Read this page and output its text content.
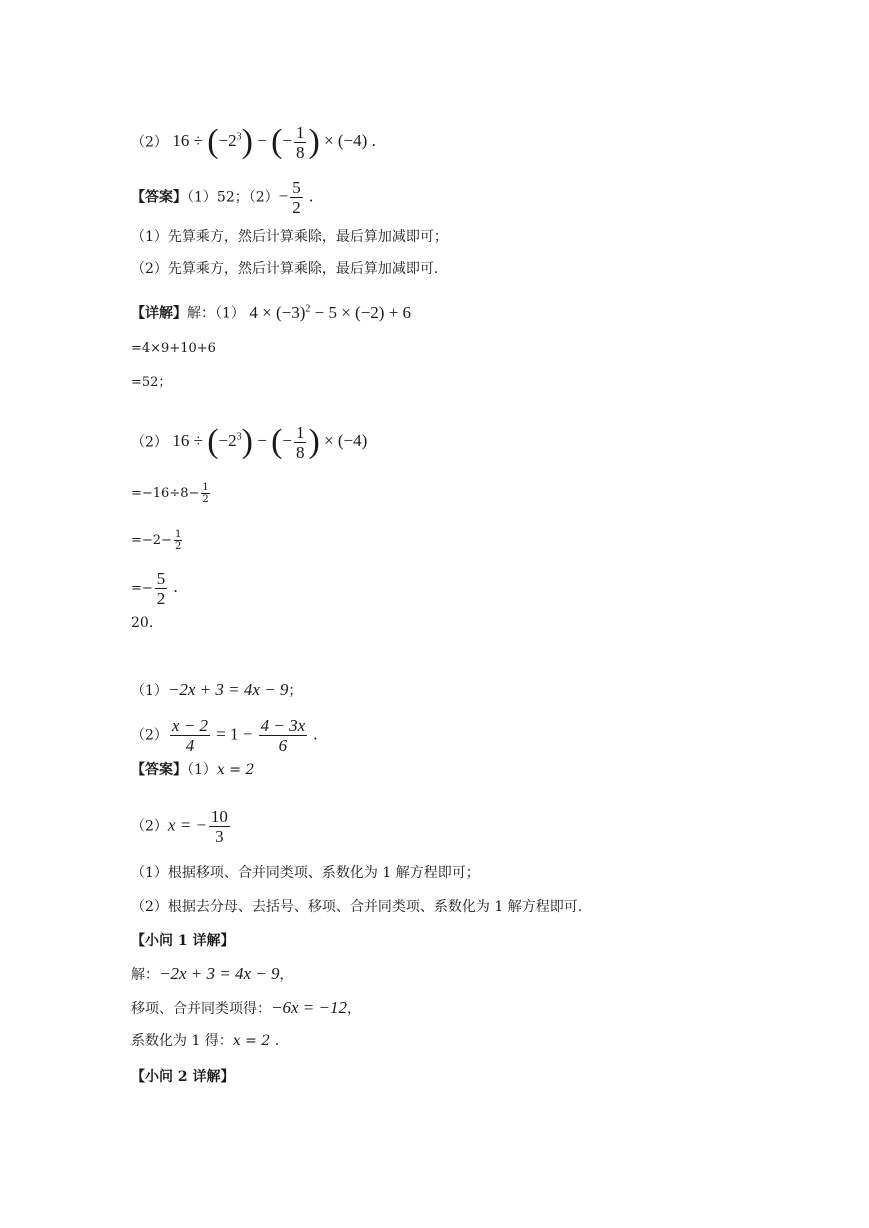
（2） $16 \div (-2^3)$ − (− $\frac{1}{8}$ ) × (−4) .
【答案】（1）52；$(2)- \frac{5}{2}$ .
（1）先算乘方，然后计算乘除，最后算加减即可；
（2）先算乘方，然后计算乘除，最后算加减即可.
【详解】解：（1） $4 \times (-3)^2 - 5 \times (-2) + 6$
=4×9+10+6
=52；
（2） $16 \div (-2^3)$ − (− $\frac{1}{8}$ ) × (−4)
$=-16\div 8- \frac{1}{2}$
$=-2- \frac{1}{2}$
=− $\frac{5}{2}$ .
20.
（1）−2x + 3 = 4x − 9；
$(2) \frac{x - 2}{4} = 1 - \frac{4 - 3x}{6}$ .
【答案】（1）x = 2
（2）x = − $\frac{10}{3}$
（1）根据移项、合并同类项、系数化为 1 解方程即可；
（2）根据去分母、去括号、移项、合并同类项、系数化为 1 解方程即可.
【小问 1 详解】
解：−2x + 3 = 4x − 9，
移项、合并同类项得：−6x = −12，
系数化为 1 得：x = 2 .
【小问 2 详解】
